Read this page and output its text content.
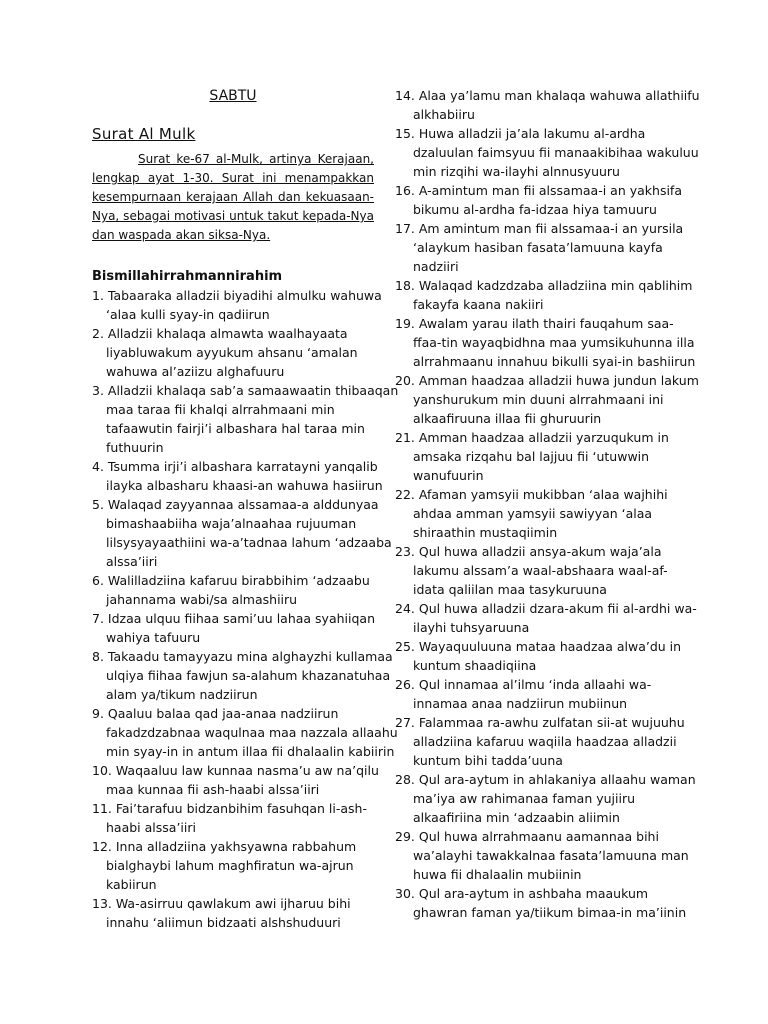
SABTU
Surat Al Mulk
Surat ke-67 al-Mulk, artinya Kerajaan, lengkap ayat 1-30. Surat ini menampakkan kesempurnaan kerajaan Allah dan kekuasaan-Nya, sebagai motivasi untuk takut kepada-Nya dan waspada akan siksa-Nya.
Bismillahirrahmannirahim
1. Tabaaraka alladzii biyadihi almulku wahuwa
‘alaa kulli syay-in qadiirun
2. Alladzii khalaqa almawta waalhayaata
liyabluwakum ayyukum ahsanu ‘amalan
wahuwa al’aziizu alghafuuru
3. Alladzii khalaqa sab’a samaawaatin thibaaqan
maa taraa fii khalqi alrrahmaani min
tafaawutin fairji’i albashara hal taraa min
futhuurin
4. Tsumma irji’i albashara karratayni yanqalib
ilayka albasharu khaasi-an wahuwa hasiirun
5. Walaqad zayyannaa alssamaa-a alddunyaa
bimashaabiiha waja’alnaahaa rujuuman
lilsysyayaathiini wa-a’tadnaa lahum ‘adzaaba
alssa’iiri
6. Walilladziina kafaruu birabbihim ‘adzaabu
jahannama wabi/sa almashiiru
7. Idzaa ulquu fiihaa sami’uu lahaa syahiiqan
wahiya tafuuru
8. Takaadu tamayyazu mina alghayzhi kullamaa
ulqiya fiihaa fawjun sa-alahum khazanatuhaa
alam ya/tikum nadziirun
9. Qaaluu balaa qad jaa-anaa nadziirun
fakadzdzabnaa waqulnaa maa nazzala allaahu
min syay-in in antum illaa fii dhalaalin kabiirin
10. Waqaaluu law kunnaa nasma’u aw na’qilu
maa kunnaa fii ash-haabi alssa’iiri
11. Fai’tarafuu bidzanbihim fasuhqan li-ash-
haabi alssa’iiri
12. Inna alladziina yakhsyawna rabbahum
bialghaybi lahum maghfiratun wa-ajrun
kabiirun
13. Wa-asirruu qawlakum awi ijharuu bihi
innahu ‘aliimun bidzaati alshshuduuri
14. Alaa ya’lamu man khalaqa wahuwa allathiifu
alkhabiiru
15. Huwa alladzii ja’ala lakumu al-ardha
dzaluulan faimsyuu fii manaakibihaa wakuluu
min rizqihi wa-ilayhi alnnusyuuru
16. A-amintum man fii alssamaa-i an yakhsifa
bikumu al-ardha fa-idzaa hiya tamuuru
17. Am amintum man fii alssamaa-i an yursila
‘alaykum hasiban fasata’lamuuna kayfa
nadziiri
18. Walaqad kadzdzaba alladziina min qablihim
fakayfa kaana nakiiri
19. Awalam yarau ilath thairi fauqahum saa-
ffaa-tin wayaqbidhna maa yumsikuhunna illa
alrrahmaanu innahuu bikulli syai-in bashiirun
20. Amman haadzaa alladzii huwa jundun lakum
yanshurukum min duuni alrrahmaani ini
alkaafiruuna illaa fii ghuruurin
21. Amman haadzaa alladzii yarzuqukum in
amsaka rizqahu bal lajjuu fii ‘utuwwin
wanufuurin
22. Afaman yamsyii mukibban ‘alaa wajhihi
ahdaa amman yamsyii sawiyyan ‘alaa
shiraathin mustaqiimin
23. Qul huwa alladzii ansya-akum waja’ala
lakumu alssam’a waal-abshaara waal-af-
idata qaliilan maa tasykuruuna
24. Qul huwa alladzii dzara-akum fii al-ardhi wa-
ilayhi tuhsyaruuna
25. Wayaquuluuna mataa haadzaa alwa’du in
kuntum shaadiqiina
26. Qul innamaa al’ilmu ‘inda allaahi wa-
innamaa anaa nadziirun mubiinun
27. Falammaa ra-awhu zulfatan sii-at wujuuhu
alladziina kafaruu waqiila haadzaa alladzii
kuntum bihi tadda’uuna
28. Qul ara-aytum in ahlakaniya allaahu waman
ma’iya aw rahimanaa faman yujiiru
alkaafiriina min ‘adzaabin aliimin
29. Qul huwa alrrahmaanu aamannaa bihi
wa’alayhi tawakkalnaa fasata’lamuuna man
huwa fii dhalaalin mubiinin
30. Qul ara-aytum in ashbaha maaukum
ghawran faman ya/tiikum bimaa-in ma’iinin
